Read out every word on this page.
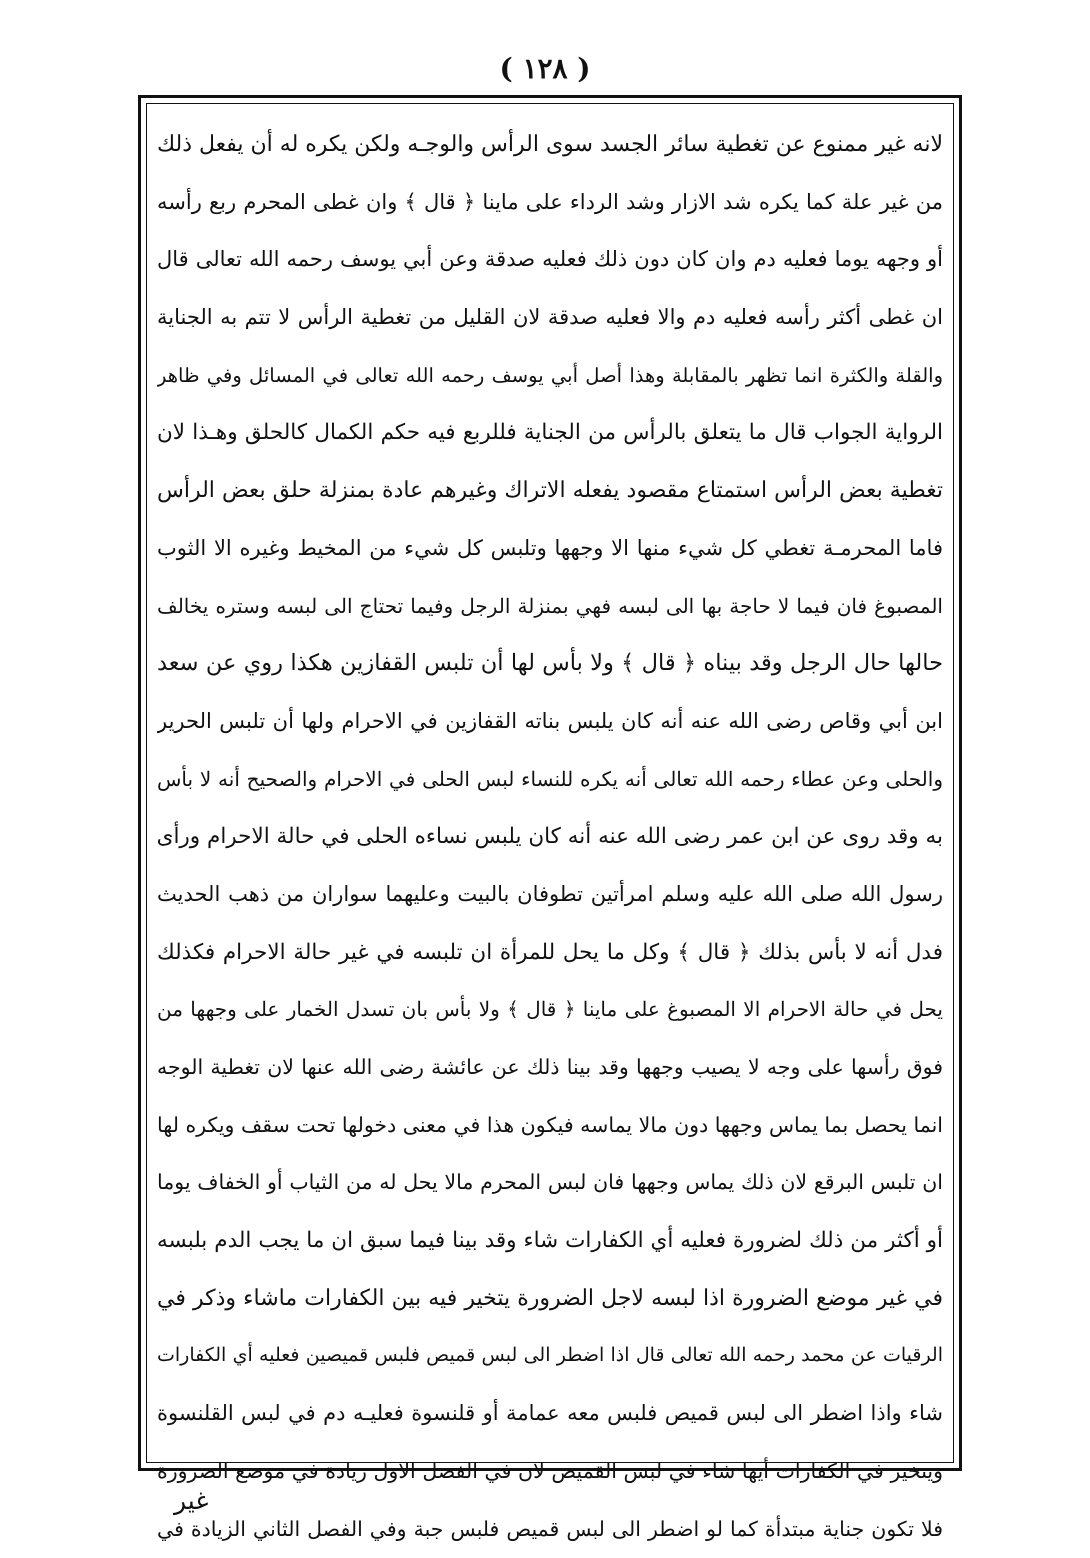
( ١٢٨ )
لانه غير ممنوع عن تغطية سائر الجسد سوى الرأس والوجـه ولكن يكره له أن يفعل ذلك
من غير علة كما يكره شد الازار وشد الرداء على ماينا ﴿ قال ﴾ وان غطى المحرم ربع رأسه
أو وجهه يوما فعليه دم وان كان دون ذلك فعليه صدقة وعن أبي يوسف رحمه الله تعالى قال
ان غطى أكثر رأسه فعليه دم والا فعليه صدقة لان القليل من تغطية الرأس لا تتم به الجناية
والقلة والكثرة انما تظهر بالمقابلة وهذا أصل أبي يوسف رحمه الله تعالى في المسائل وفي ظاهر
الرواية الجواب قال ما يتعلق بالرأس من الجناية فللربع فيه حكم الكمال كالحلق وهـذا لان
تغطية بعض الرأس استمتاع مقصود يفعله الاتراك وغيرهم عادة بمنزلة حلق بعض الرأس
فاما المحرمـة تغطي كل شيء منها الا وجهها وتلبس كل شيء من المخيط وغيره الا الثوب
المصبوغ فان فيما لا حاجة بها الى لبسه فهي بمنزلة الرجل وفيما تحتاج الى لبسه وستره يخالف
حالها حال الرجل وقد بيناه ﴿ قال ﴾ ولا بأس لها أن تلبس القفازين هكذا روي عن سعد
ابن أبي وقاص رضى الله عنه أنه كان يلبس بناته القفازين في الاحرام ولها أن تلبس الحرير
والحلى وعن عطاء رحمه الله تعالى أنه يكره للنساء لبس الحلى في الاحرام والصحيح أنه لا بأس
به وقد روى عن ابن عمر رضى الله عنه أنه كان يلبس نساءه الحلى في حالة الاحرام ورأى
رسول الله صلى الله عليه وسلم امرأتين تطوفان بالبيت وعليهما سواران من ذهب الحديث
فدل أنه لا بأس بذلك ﴿ قال ﴾ وكل ما يحل للمرأة ان تلبسه في غير حالة الاحرام فكذلك
يحل في حالة الاحرام الا المصبوغ على ماينا ﴿ قال ﴾ ولا بأس بان تسدل الخمار على وجهها من
فوق رأسها على وجه لا يصيب وجهها وقد بينا ذلك عن عائشة رضى الله عنها لان تغطية الوجه
انما يحصل بما يماس وجهها دون مالا يماسه فيكون هذا في معنى دخولها تحت سقف ويكره لها
ان تلبس البرقع لان ذلك يماس وجهها فان لبس المحرم مالا يحل له من الثياب أو الخفاف يوما
أو أكثر من ذلك لضرورة فعليه أي الكفارات شاء وقد بينا فيما سبق ان ما يجب الدم بلبسه
في غير موضع الضرورة اذا لبسه لاجل الضرورة يتخير فيه بين الكفارات ماشاء وذكر في
الرقيات عن محمد رحمه الله تعالى قال اذا اضطر الى لبس قميص فلبس قميصين فعليه أي الكفارات
شاء واذا اضطر الى لبس قميص فلبس معه عمامة أو قلنسوة فعليـه دم في لبس القلنسوة
ويتخير في الكفارات أيها شاء في لبس القميص لان في الفصل الاول زيادة في موضع الضرورة
فلا تكون جناية مبتدأة كما لو اضطر الى لبس قميص فلبس جبة وفي الفصل الثاني الزيادة في
غير
